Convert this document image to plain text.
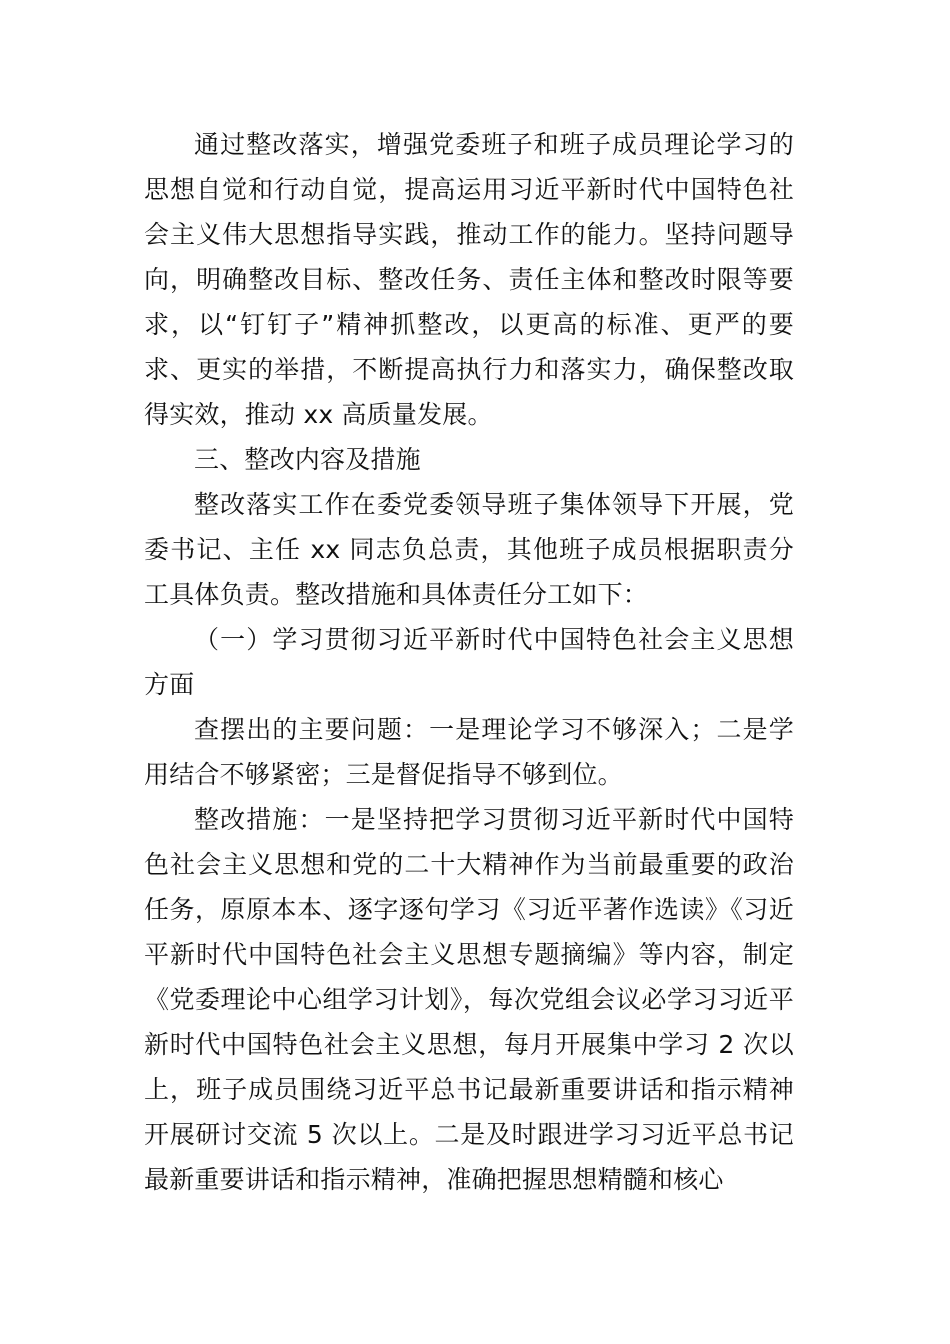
通过整改落实，增强党委班子和班子成员理论学习的思想自觉和行动自觉，提高运用习近平新时代中国特色社会主义伟大思想指导实践，推动工作的能力。坚持问题导向，明确整改目标、整改任务、责任主体和整改时限等要求，以“钉钉子”精神抓整改，以更高的标准、更严的要求、更实的举措，不断提高执行力和落实力，确保整改取得实效，推动 xx 高质量发展。

三、整改内容及措施

整改落实工作在委党委领导班子集体领导下开展，党委书记、主任 xx 同志负总责，其他班子成员根据职责分工具体负责。整改措施和具体责任分工如下：

（一）学习贯彻习近平新时代中国特色社会主义思想方面

查摆出的主要问题：一是理论学习不够深入；二是学用结合不够紧密；三是督促指导不够到位。

整改措施：一是坚持把学习贯彻习近平新时代中国特色社会主义思想和党的二十大精神作为当前最重要的政治任务，原原本本、逐字逐句学习《习近平著作选读》《习近平新时代中国特色社会主义思想专题摘编》等内容，制定《党委理论中心组学习计划》，每次党组会议必学习习近平新时代中国特色社会主义思想，每月开展集中学习 2 次以上，班子成员围绕习近平总书记最新重要讲话和指示精神开展研讨交流 5 次以上。二是及时跟进学习习近平总书记最新重要讲话和指示精神，准确把握思想精髓和核心
